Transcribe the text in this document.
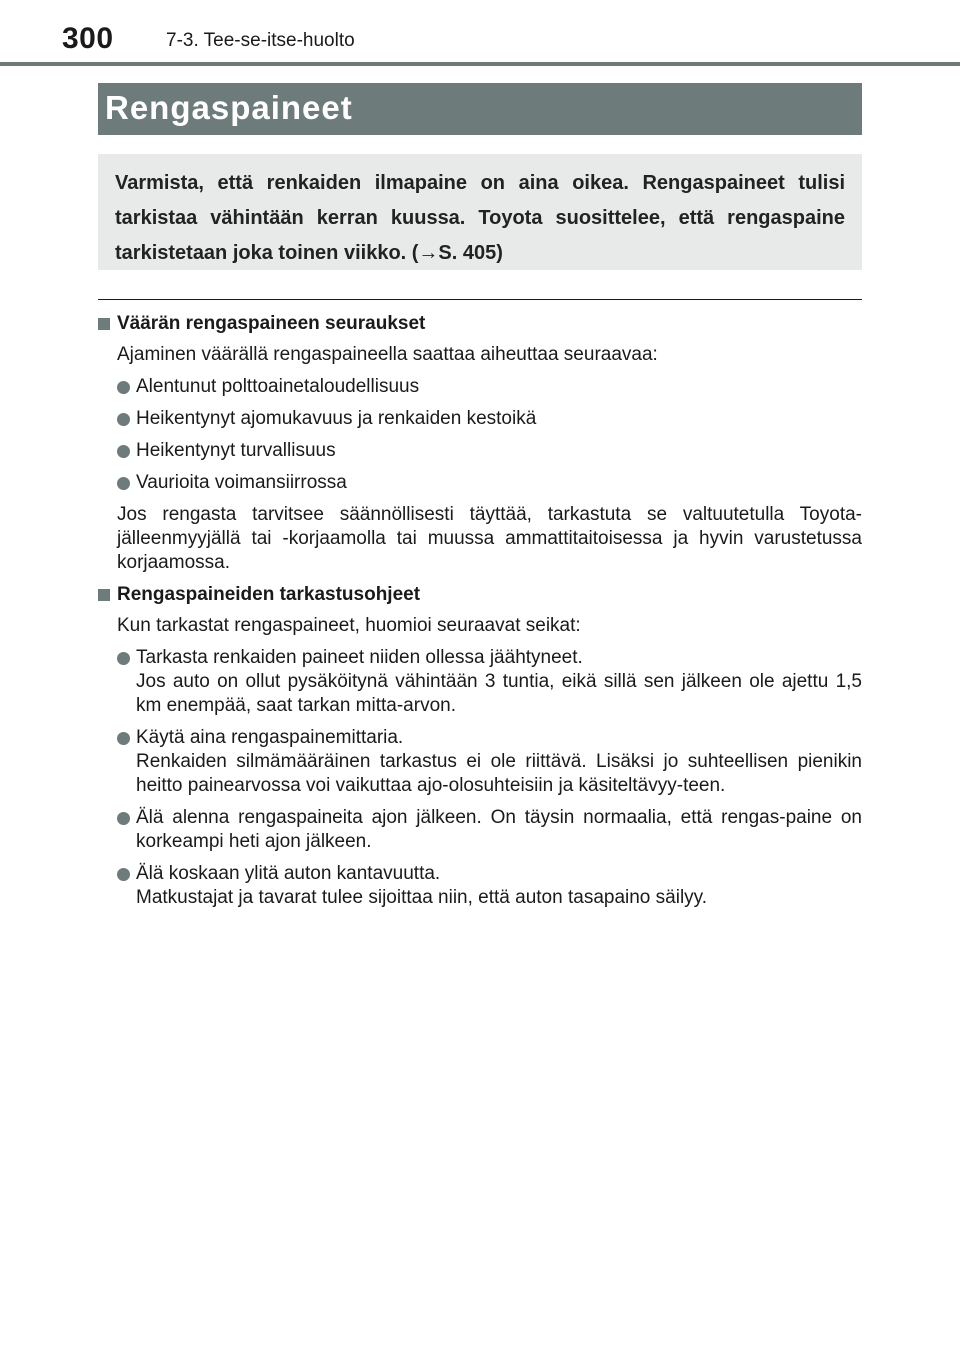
300	7-3. Tee-se-itse-huolto
Rengaspaineet
Varmista, että renkaiden ilmapaine on aina oikea. Rengaspaineet tulisi tarkistaa vähintään kerran kuussa. Toyota suosittelee, että rengaspaine tarkistetaan joka toinen viikko. (→S. 405)
Väärän rengaspaineen seuraukset
Ajaminen väärällä rengaspaineella saattaa aiheuttaa seuraavaa:
Alentunut polttoainetaloudellisuus
Heikentynyt ajomukavuus ja renkaiden kestoikä
Heikentynyt turvallisuus
Vaurioita voimansiirrossa
Jos rengasta tarvitsee säännöllisesti täyttää, tarkastuta se valtuutetulla Toyota-jälleenmyyjällä tai -korjaamolla tai muussa ammattitaitoisessa ja hyvin varustetussa korjaamossa.
Rengaspaineiden tarkastusohjeet
Kun tarkastat rengaspaineet, huomioi seuraavat seikat:
Tarkasta renkaiden paineet niiden ollessa jäähtyneet.
Jos auto on ollut pysäköitynä vähintään 3 tuntia, eikä sillä sen jälkeen ole ajettu 1,5 km enempää, saat tarkan mitta-arvon.
Käytä aina rengaspainemittaria.
Renkaiden silmämääräinen tarkastus ei ole riittävä. Lisäksi jo suhteellisen pienikin heitto painearvossa voi vaikuttaa ajo-olosuhteisiin ja käsiteltävyy-teen.
Älä alenna rengaspaineita ajon jälkeen. On täysin normaalia, että rengas-paine on korkeampi heti ajon jälkeen.
Älä koskaan ylitä auton kantavuutta.
Matkustajat ja tavarat tulee sijoittaa niin, että auton tasapaino säilyy.
